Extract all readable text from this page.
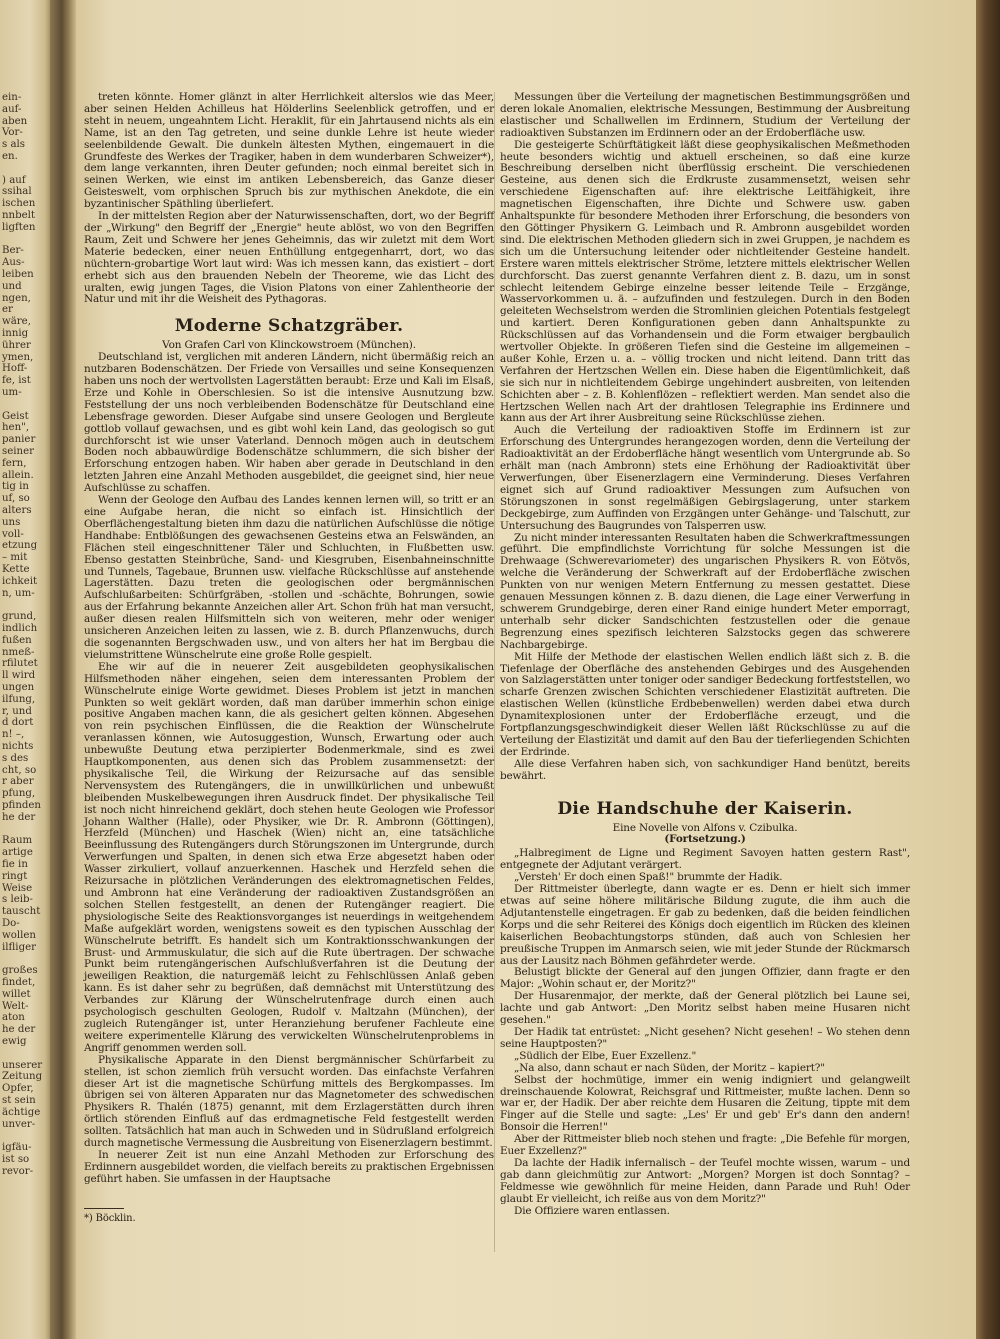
ein-
auf-
aben
Vor-
s als
en.
) auf
ssihal
ischen
nnbelt
ligften
Ber-
Aus-
leiben
und
ngen,
er
wäre,
innig
ührer
ymen,
Hoff-
fe, ist
um-
Geist
hen",
panier
seiner
fern,
allein.
tig in
uf, so
alters
uns
voll-
etzung
– mit
Kette
ichkeit
n, um-
grund,
indlich
fußen
nmeß-
rfilutet
ll wird
ungen
ilfung,
r, und
d dort
n! –,
nichts
s des
cht, so
r aber
pfung,
pfinden
he der
Raum
artige
fie in
ringt
Weise
s leib-
tauscht
Do-
wollen
ilfliger
großes
findet,
willet
Welt-
aton
he der
ewig
unserer
Zeitung
Opfer,
st sein
ächtige
unver-
igfäu-
ist so
revor-

treten könnte. Homer glänzt in alter Herrlichkeit alterslos wie das Meer, aber seinen Helden Achilleus hat Hölderlins Seelenblick getroffen, und er steht in neuem, ungeahntem Licht. Heraklit, für ein Jahrtausend nichts als ein Name, ist an den Tag getreten, und seine dunkle Lehre ist heute wieder seelenbildende Gewalt. Die dunkeln ältesten Mythen, eingemauert in die Grundfeste des Werkes der Tragiker, haben in dem wunderbaren Schweizer*), dem lange verkannten, ihren Deuter gefunden; noch einmal bereitet sich in seinen Werken, wie einst im antiken Lebensbereich, das Ganze dieser Geisteswelt, vom orphischen Spruch bis zur mythischen Anekdote, die ein byzantinischer Späthling überliefert.

In der mittelsten Region aber der Naturwissenschaften, dort, wo der Begriff der „Wirkung" den Begriff der „Energie" heute ablöst, wo von den Begriffen Raum, Zeit und Schwere her jenes Geheimnis, das wir zuletzt mit dem Wort Materie bedecken, einer neuen Enthüllung entgegenharrt, dort, wo das nüchtern-grobartige Wort laut wird: Was ich messen kann, das existiert – dort erhebt sich aus den brauenden Nebeln der Theoreme, wie das Licht des uralten, ewig jungen Tages, die Vision Platons von einer Zahlentheorie der Natur und mit ihr die Weisheit des Pythagoras.

Moderne Schatzgräber.

Von Grafen Carl von Klinckowstroem (München).

Deutschland ist, verglichen mit anderen Ländern, nicht übermäßig reich an nutzbaren Bodenschätzen. Der Friede von Versailles und seine Konsequenzen haben uns noch der wertvollsten Lagerstätten beraubt: Erze und Kali im Elsaß, Erze und Kohle in Oberschlesien. So ist die intensive Ausnutzung bzw. Feststellung der uns noch verbleibenden Bodenschätze für Deutschland eine Lebensfrage geworden. Dieser Aufgabe sind unsere Geologen und Bergleute gottlob vollauf gewachsen, und es gibt wohl kein Land, das geologisch so gut durchforscht ist wie unser Vaterland. Dennoch mögen auch in deutschem Boden noch abbauwürdige Bodenschätze schlummern, die sich bisher der Erforschung entzogen haben. Wir haben aber gerade in Deutschland in den letzten Jahren eine Anzahl Methoden ausgebildet, die geeignet sind, hier neue Aufschlüsse zu schaffen.

Wenn der Geologe den Aufbau des Landes kennen lernen will, so tritt er an eine Aufgabe heran, die nicht so einfach ist. Hinsichtlich der Oberflächengestaltung bieten ihm dazu die natürlichen Aufschlüsse die nötige Handhabe: Entblößungen des gewachsenen Gesteins etwa an Felswänden, an Flächen steil eingeschnittener Täler und Schluchten, in Flußbetten usw. Ebenso gestatten Steinbrüche, Sand- und Kiesgruben, Eisenbahneinschnitte und Tunnels, Tagebaue, Brunnen usw. vielfache Rückschlüsse auf anstehende Lagerstätten. Dazu treten die geologischen oder bergmännischen Aufschlußarbeiten: Schürfgräben, -stollen und -schächte, Bohrungen, sowie aus der Erfahrung bekannte Anzeichen aller Art. Schon früh hat man versucht, außer diesen realen Hilfsmitteln sich von weiteren, mehr oder weniger unsicheren Anzeichen leiten zu lassen, wie z. B. durch Pflanzenwuchs, durch die sogenannten Bergschwaden usw., und von alters her hat im Bergbau die vielumstrittene Wünschelrute eine große Rolle gespielt.

Ehe wir auf die in neuerer Zeit ausgebildeten geophysikalischen Hilfsmethoden näher eingehen, seien dem interessanten Problem der Wünschelrute einige Worte gewidmet. Dieses Problem ist jetzt in manchen Punkten so weit geklärt worden, daß man darüber immerhin schon einige positive Angaben machen kann, die als gesichert gelten können. Abgesehen von rein psychischen Einflüssen, die die Reaktion der Wünschelrute veranlassen können, wie Autosuggestion, Wunsch, Erwartung oder auch unbewußte Deutung etwa perzipierter Bodenmerkmale, sind es zwei Hauptkomponenten, aus denen sich das Problem zusammensetzt: der physikalische Teil, die Wirkung der Reizursache auf das sensible Nervensystem des Rutengängers, die in unwillkürlichen und unbewußt bleibenden Muskelbewegungen ihren Ausdruck findet. Der physikalische Teil ist noch nicht hinreichend geklärt, doch stehen heute Geologen wie Professor Johann Walther (Halle), oder Physiker, wie Dr. R. Ambronn (Göttingen), Herzfeld (München) und Haschek (Wien) nicht an, eine tatsächliche Beeinflussung des Rutengängers durch Störungszonen im Untergrunde, durch Verwerfungen und Spalten, in denen sich etwa Erze abgesetzt haben oder Wasser zirkuliert, vollauf anzuerkennen. Haschek und Herzfeld sehen die Reizursache in plötzlichen Veränderungen des elektromagnetischen Feldes, und Ambronn hat eine Veränderung der radioaktiven Zustandsgrößen an solchen Stellen festgestellt, an denen der Rutengänger reagiert. Die physiologische Seite des Reaktionsvorganges ist neuerdings in weitgehendem Maße aufgeklärt worden, wenigstens soweit es den typischen Ausschlag der Wünschelrute betrifft. Es handelt sich um Kontraktionsschwankungen der Brust- und Armmuskulatur, die sich auf die Rute übertragen. Der schwache Punkt beim rutengängerischen Aufschlußverfahren ist die Deutung der jeweiligen Reaktion, die naturgemäß leicht zu Fehlschlüssen Anlaß geben kann. Es ist daher sehr zu begrüßen, daß demnächst mit Unterstützung des Verbandes zur Klärung der Wünschelrutenfrage durch einen auch psychologisch geschulten Geologen, Rudolf v. Maltzahn (München), der zugleich Rutengänger ist, unter Heranziehung berufener Fachleute eine weitere experimentelle Klärung des verwickelten Wünschelrutenproblems in Angriff genommen werden soll.

Physikalische Apparate in den Dienst bergmännischer Schürfarbeit zu stellen, ist schon ziemlich früh versucht worden. Das einfachste Verfahren dieser Art ist die magnetische Schürfung mittels des Bergkompasses. Im übrigen sei von älteren Apparaten nur das Magnetometer des schwedischen Physikers R. Thalén (1875) genannt, mit dem Erzlagerstätten durch ihren örtlich störenden Einfluß auf das erdmagnetische Feld festgestellt werden sollten. Tatsächlich hat man auch in Schweden und in Südrußland erfolgreich durch magnetische Vermessung die Ausbreitung von Eisenerzlagern bestimmt.

In neuerer Zeit ist nun eine Anzahl Methoden zur Erforschung des Erdinnern ausgebildet worden, die vielfach bereits zu praktischen Ergebnissen geführt haben. Sie umfassen in der Hauptsache

*) Böcklin.

Messungen über die Verteilung der magnetischen Bestimmungsgrößen und deren lokale Anomalien, elektrische Messungen, Bestimmung der Ausbreitung elastischer und Schallwellen im Erdinnern, Studium der Verteilung der radioaktiven Substanzen im Erdinnern oder an der Erdoberfläche usw.

Die gesteigerte Schürftätigkeit läßt diese geophysikalischen Meßmethoden heute besonders wichtig und aktuell erscheinen, so daß eine kurze Beschreibung derselben nicht überflüssig erscheint. Die verschiedenen Gesteine, aus denen sich die Erdkruste zusammensetzt, weisen sehr verschiedene Eigenschaften auf: ihre elektrische Leitfähigkeit, ihre magnetischen Eigenschaften, ihre Dichte und Schwere usw. gaben Anhaltspunkte für besondere Methoden ihrer Erforschung, die besonders von den Göttinger Physikern G. Leimbach und R. Ambronn ausgebildet worden sind. Die elektrischen Methoden gliedern sich in zwei Gruppen, je nachdem es sich um die Untersuchung leitender oder nichtleitender Gesteine handelt. Erstere waren mittels elektrischer Ströme, letztere mittels elektrischer Wellen durchforscht. Das zuerst genannte Verfahren dient z. B. dazu, um in sonst schlecht leitendem Gebirge einzelne besser leitende Teile – Erzgänge, Wasservorkommen u. ä. – aufzufinden und festzulegen. Durch in den Boden geleiteten Wechselstrom werden die Stromlinien gleichen Potentials festgelegt und kartiert. Deren Konfigurationen geben dann Anhaltspunkte zu Rückschlüssen auf das Vorhandensein und die Form etwaiger bergbaulich wertvoller Objekte. In größeren Tiefen sind die Gesteine im allgemeinen – außer Kohle, Erzen u. a. – völlig trocken und nicht leitend. Dann tritt das Verfahren der Hertzschen Wellen ein. Diese haben die Eigentümlichkeit, daß sie sich nur in nichtleitendem Gebirge ungehindert ausbreiten, von leitenden Schichten aber – z. B. Kohlenflözen – reflektiert werden. Man sendet also die Hertzschen Wellen nach Art der drahtlosen Telegraphie ins Erdinnere und kann aus der Art ihrer Ausbreitung seine Rückschlüsse ziehen.

Auch die Verteilung der radioaktiven Stoffe im Erdinnern ist zur Erforschung des Untergrundes herangezogen worden, denn die Verteilung der Radioaktivität an der Erdoberfläche hängt wesentlich vom Untergrunde ab. So erhält man (nach Ambronn) stets eine Erhöhung der Radioaktivität über Verwerfungen, über Eisenerzlagern eine Verminderung. Dieses Verfahren eignet sich auf Grund radioaktiver Messungen zum Aufsuchen von Störungszonen in sonst regelmäßigen Gebirgslagerung, unter starkem Deckgebirge, zum Auffinden von Erzgängen unter Gehänge- und Talschutt, zur Untersuchung des Baugrundes von Talsperren usw.

Zu nicht minder interessanten Resultaten haben die Schwerkraftmessungen geführt. Die empfindlichste Vorrichtung für solche Messungen ist die Drehwaage (Schwerevariometer) des ungarischen Physikers R. von Eötvös, welche die Veränderung der Schwerkraft auf der Erdoberfläche zwischen Punkten von nur wenigen Metern Entfernung zu messen gestattet. Diese genauen Messungen können z. B. dazu dienen, die Lage einer Verwerfung in schwerem Grundgebirge, deren einer Rand einige hundert Meter emporragt, unterhalb sehr dicker Sandschichten festzustellen oder die genaue Begrenzung eines spezifisch leichteren Salzstocks gegen das schwerere Nachbargebirge.

Mit Hilfe der Methode der elastischen Wellen endlich läßt sich z. B. die Tiefenlage der Oberfläche des anstehenden Gebirges und des Ausgehenden von Salzlagerstätten unter toniger oder sandiger Bedeckung fortfeststellen, wo scharfe Grenzen zwischen Schichten verschiedener Elastizität auftreten. Die elastischen Wellen (künstliche Erdbebenwellen) werden dabei etwa durch Dynamitexplosionen unter der Erdoberfläche erzeugt, und die Fortpflanzungsgeschwindigkeit dieser Wellen läßt Rückschlüsse zu auf die Verteilung der Elastizität und damit auf den Bau der tieferliegenden Schichten der Erdrinde.

Alle diese Verfahren haben sich, von sachkundiger Hand benützt, bereits bewährt.

Die Handschuhe der Kaiserin.

Eine Novelle von Alfons v. Czibulka.

(Fortsetzung.)

„Halbregiment de Ligne und Regiment Savoyen hatten gestern Rast", entgegnete der Adjutant verärgert.

„Versteh' Er doch einen Spaß!" brummte der Hadik.

Der Rittmeister überlegte, dann wagte er es. Denn er hielt sich immer etwas auf seine höhere militärische Bildung zugute, die ihm auch die Adjutantenstelle eingetragen. Er gab zu bedenken, daß die beiden feindlichen Korps und die sehr Reiterei des Königs doch eigentlich im Rücken des kleinen kaiserlichen Beobachtungstorps stünden, daß auch von Schlesien her preußische Truppen im Anmarsch seien, wie mit jeder Stunde der Rückmarsch aus der Lausitz nach Böhmen gefährdeter werde.

Belustigt blickte der General auf den jungen Offizier, dann fragte er den Major: „Wohin schaut er, der Moritz?"

Der Husarenmajor, der merkte, daß der General plötzlich bei Laune sei, lachte und gab Antwort: „Den Moritz selbst haben meine Husaren nicht gesehen."

Der Hadik tat entrüstet: „Nicht gesehen? Nicht gesehen! – Wo stehen denn seine Hauptposten?"

„Südlich der Elbe, Euer Exzellenz."

„Na also, dann schaut er nach Süden, der Moritz – kapiert?"

Selbst der hochmütige, immer ein wenig indigniert und gelangweilt dreinschauende Kolowrat, Reichsgraf und Rittmeister, mußte lachen. Denn so war er, der Hadik. Der aber reichte dem Husaren die Zeitung, tippte mit dem Finger auf die Stelle und sagte: „Les' Er und geb' Er's dann den andern! Bonsoir die Herren!"

Aber der Rittmeister blieb noch stehen und fragte: „Die Befehle für morgen, Euer Exzellenz?"

Da lachte der Hadik infernalisch – der Teufel mochte wissen, warum – und gab dann gleichmütig zur Antwort: „Morgen? Morgen ist doch Sonntag? – Feldmesse wie gewöhnlich für meine Heiden, dann Parade und Ruh! Oder glaubt Er vielleicht, ich reiße aus von dem Moritz?"

Die Offiziere waren entlassen.
